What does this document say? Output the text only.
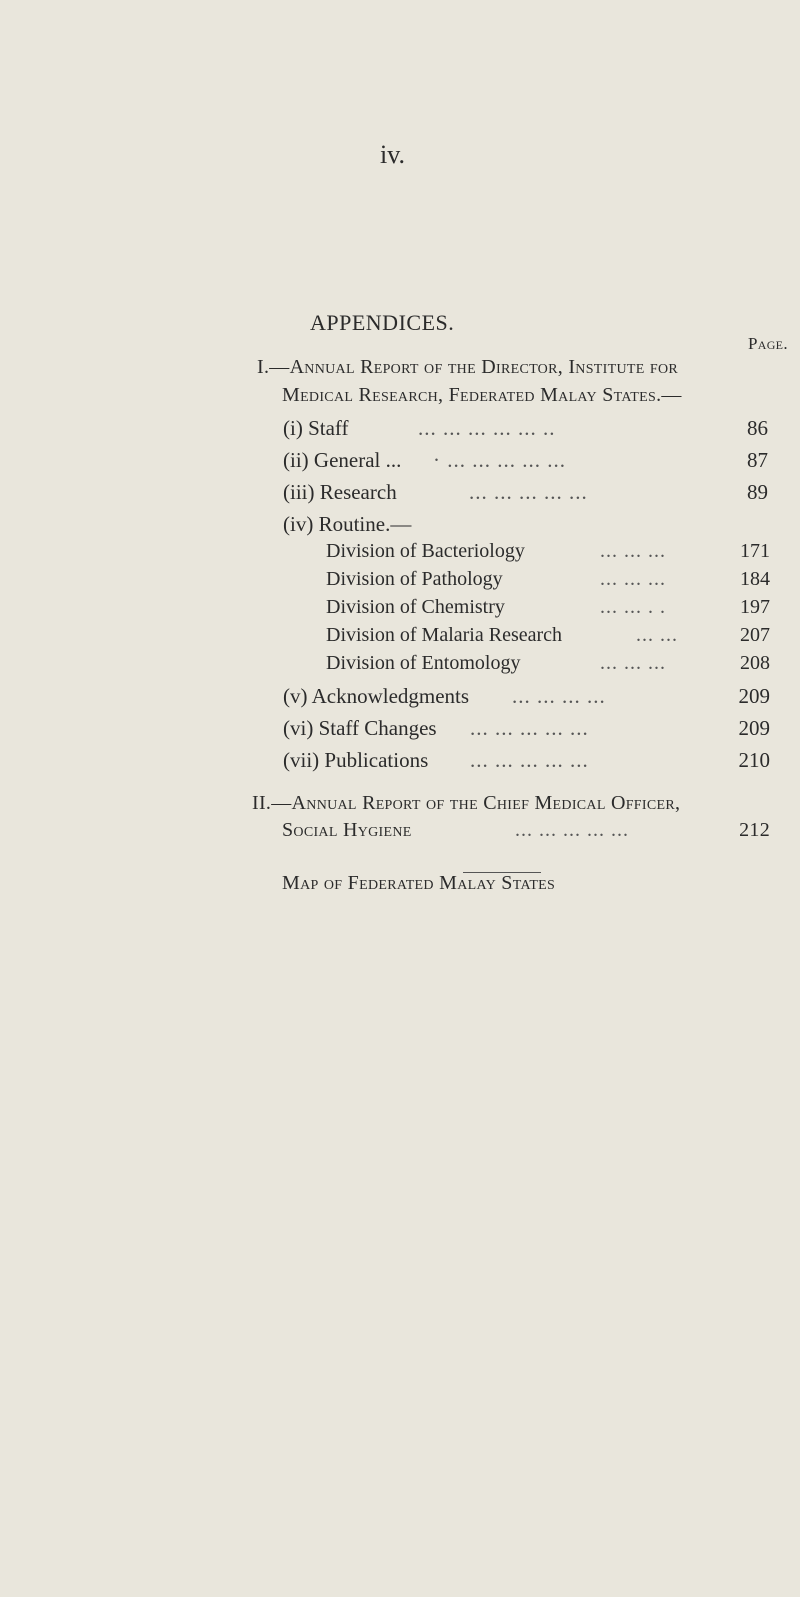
iv.
APPENDICES.
Page.
I.—Annual Report of the Director, Institute for
Medical Research, Federated Malay States.—
(i) Staff	... ... ... ... ... ..	86
(ii) General ... · ... ... ... ... ...	87
(iii) Research	... ... ... ... ...	89
(iv) Routine.—
Division of Bacteriology	... ... ...	171
Division of Pathology	... ... ...	184
Division of Chemistry	... ... . .	197
Division of Malaria Research	... ...	207
Division of Entomology	... ... ...	208
(v) Acknowledgments ... ... ... ...	209
(vi) Staff Changes ... ... ... ... ...	209
(vii) Publications ... ... ... ... ...	210
II.—Annual Report of the Chief Medical Officer,
Social Hygiene	... ... ... ... ...	212
Map of Federated Malay States
